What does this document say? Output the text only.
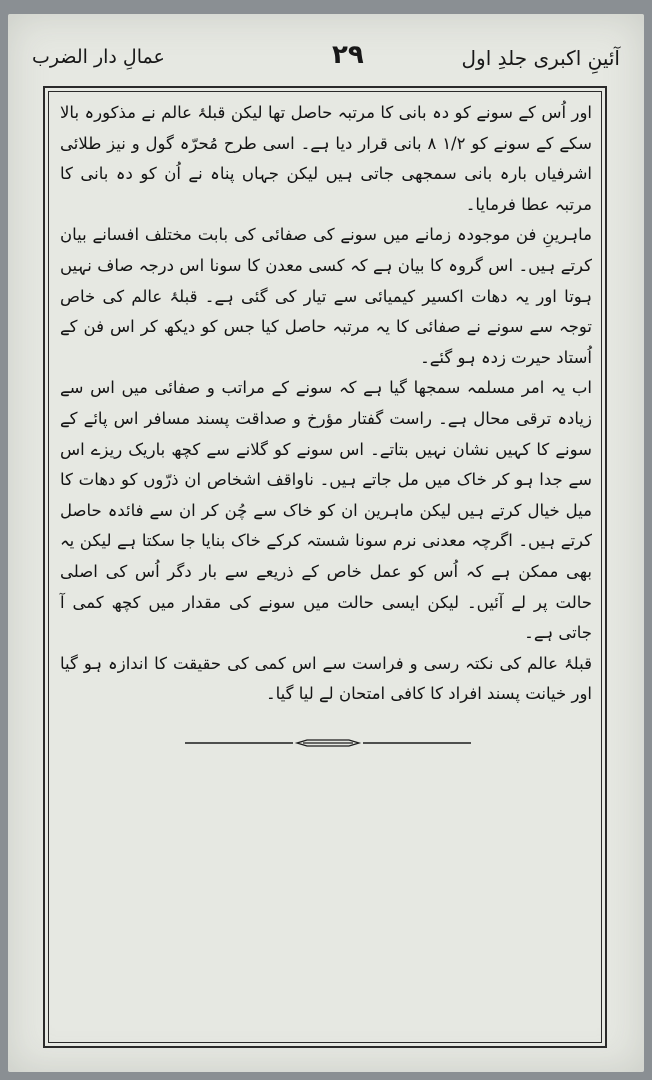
عمالِ دار الضرب	۲۹	آئینِ اکبری جلدِ اول

اور اُس کے سونے کو دہ بانی کا مرتبہ حاصل تھا لیکن قبلۂ عالم نے مذکورہ بالا سکے کے سونے کو ۱/۲ ۸ بانی قرار دیا ہے۔ اسی طرح مُحرّہ گول و نیز طلائی اشرفیاں بارہ بانی سمجھی جاتی ہیں لیکن جہاں پناہ نے اُن کو دہ بانی کا مرتبہ عطا فرمایا۔

ماہرینِ فن موجودہ زمانے میں سونے کی صفائی کی بابت مختلف افسانے بیان کرتے ہیں۔ اس گروہ کا بیان ہے کہ کسی معدن کا سونا اس درجہ صاف نہیں ہوتا اور یہ دھات اکسیر کیمیائی سے تیار کی گئی ہے۔ قبلۂ عالم کی خاص توجہ سے سونے نے صفائی کا یہ مرتبہ حاصل کیا جس کو دیکھ کر اس فن کے اُستاد حیرت زدہ ہو گئے۔

اب یہ امر مسلمہ سمجھا گیا ہے کہ سونے کے مراتب و صفائی میں اس سے زیادہ ترقی محال ہے۔ راست گفتار مؤرخ و صداقت پسند مسافر اس پائے کے سونے کا کہیں نشان نہیں بتاتے۔ اس سونے کو گلانے سے کچھ باریک ریزے اس سے جدا ہو کر خاک میں مل جاتے ہیں۔ ناواقف اشخاص ان ذرّوں کو دھات کا میل خیال کرتے ہیں لیکن ماہرین ان کو خاک سے چُن کر ان سے فائدہ حاصل کرتے ہیں۔ اگرچہ معدنی نرم سونا شستہ کرکے خاک بنایا جا سکتا ہے لیکن یہ بھی ممکن ہے کہ اُس کو عمل خاص کے ذریعے سے بار دگر اُس کی اصلی حالت پر لے آئیں۔ لیکن ایسی حالت میں سونے کی مقدار میں کچھ کمی آ جاتی ہے۔

قبلۂ عالم کی نکتہ رسی و فراست سے اس کمی کی حقیقت کا اندازہ ہو گیا اور خیانت پسند افراد کا کافی امتحان لے لیا گیا۔
